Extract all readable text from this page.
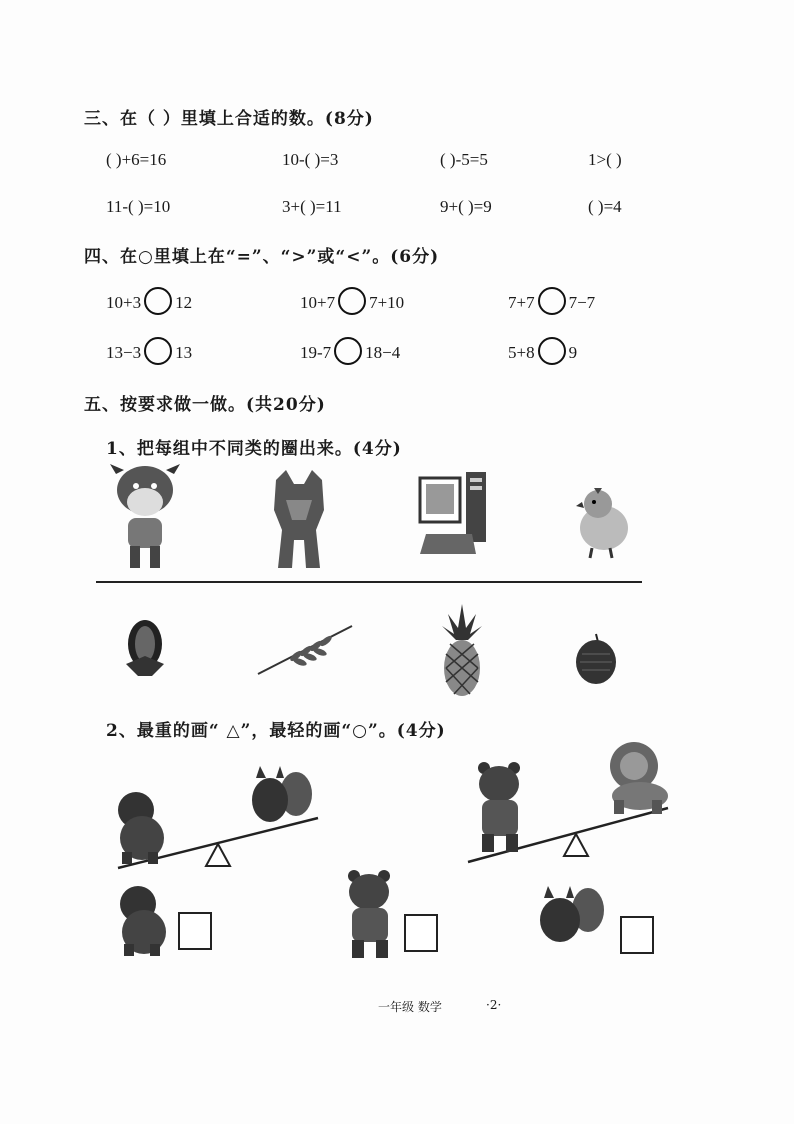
三、在（ ）里填上合适的数。(8分)
( )+6=16	10-( )=3	( )-5=5	1>( )
11-( )=10	3+( )=11	9+( )=9	( )=4
四、在○里填上在“=”、“>”或“<”。(6分)
10+3 12	10+7 7+10	7+7 7−7
13−3 13	19-7 18−4	5+8 9
五、按要求做一做。(共20分)
1、把每组中不同类的圈出来。(4分)
2、最重的画“ △”，最轻的画“○”。(4分)
一年级 数学	·2·
